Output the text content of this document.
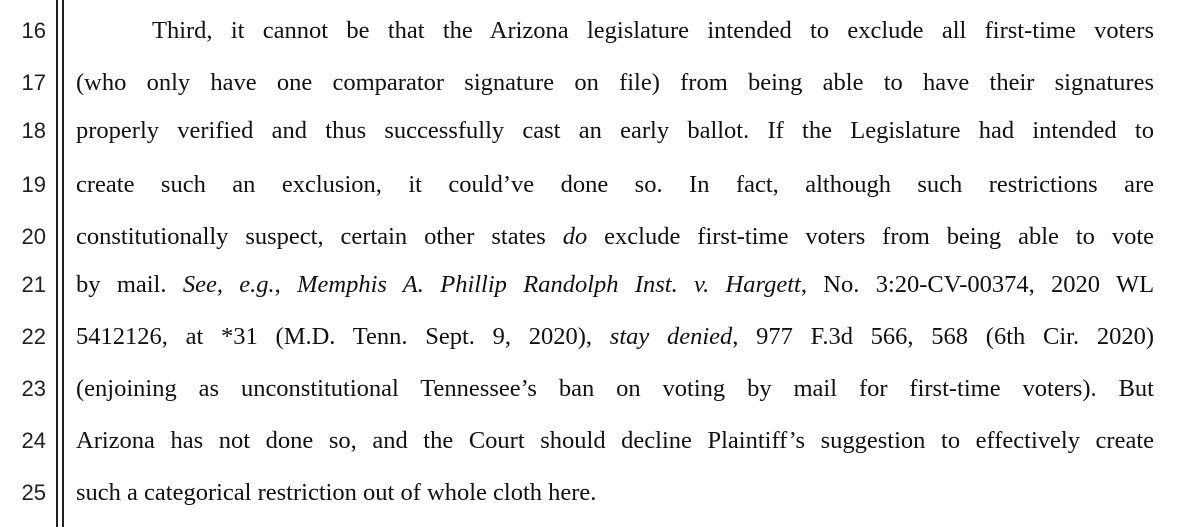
16
17
18
19
20
21
22
23
24
25
Third, it cannot be that the Arizona legislature intended to exclude all first-time voters
(who only have one comparator signature on file) from being able to have their signatures
properly verified and thus successfully cast an early ballot. If the Legislature had intended to
create such an exclusion, it could’ve done so. In fact, although such restrictions are
constitutionally suspect, certain other states do exclude first-time voters from being able to vote
by mail. See, e.g., Memphis A. Phillip Randolph Inst. v. Hargett, No. 3:20-CV-00374, 2020 WL
5412126, at *31 (M.D. Tenn. Sept. 9, 2020), stay denied, 977 F.3d 566, 568 (6th Cir. 2020)
(enjoining as unconstitutional Tennessee’s ban on voting by mail for first-time voters). But
Arizona has not done so, and the Court should decline Plaintiff’s suggestion to effectively create
such a categorical restriction out of whole cloth here.
